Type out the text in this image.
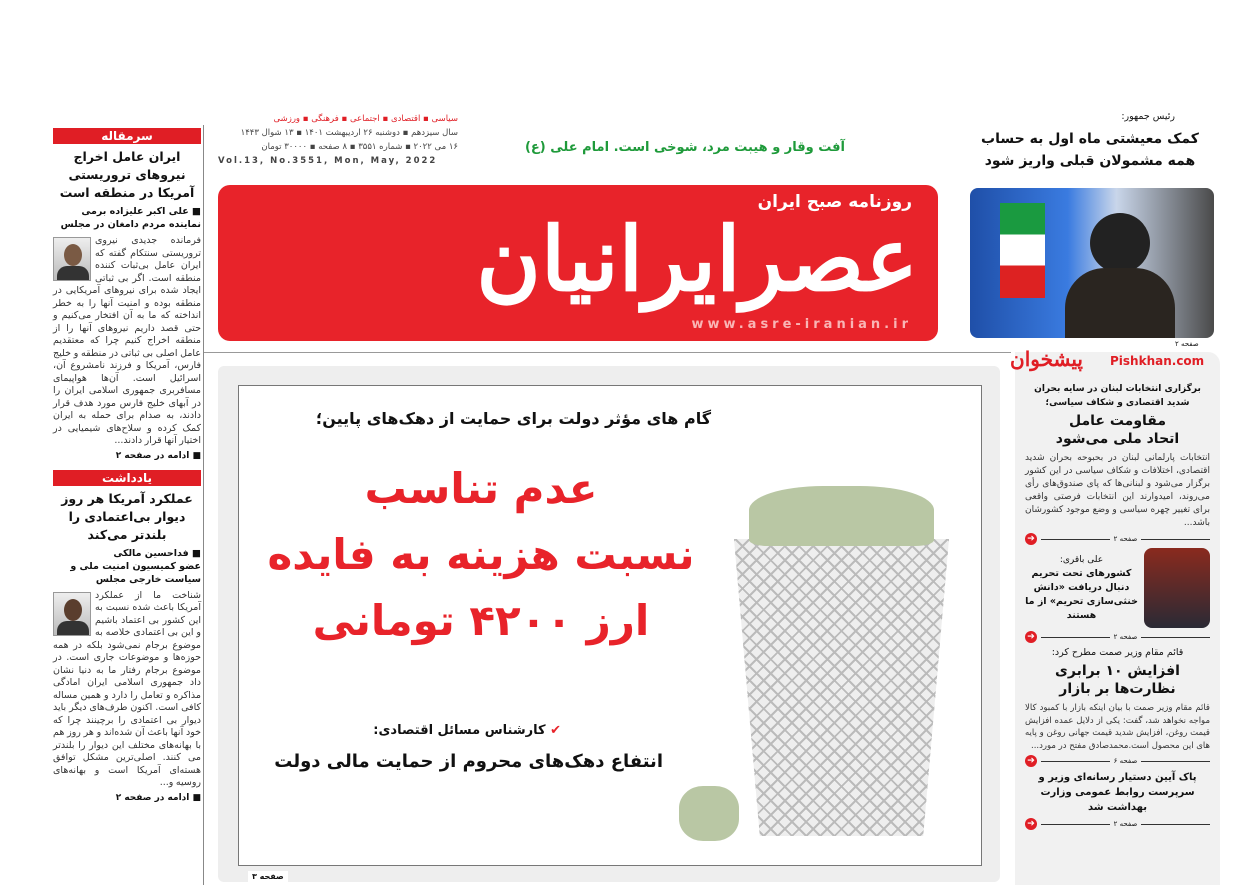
سرمقاله
ایران عامل اخراج نیروهای تروریستی آمریکا در منطقه است
■ علی اکبر علیزاده برمی
نماینده مردم دامغان در مجلس
فرمانده جدیدی نیروی تروریستی سنتکام گفته که ایران عامل بی‌ثبات کننده منطقه است. اگر بی ثباتی ایجاد شده برای نیروهای آمریکایی در منطقه بوده و امنیت آنها را به خطر انداخته که ما به آن افتخار می‌کنیم و حتی قصد داریم نیروهای آنها را از منطقه اخراج کنیم چرا که معتقدیم عامل اصلی بی ثباتی در منطقه و خلیج فارس، آمریکا و فرزند نامشروع آن، اسرائیل است. آن‌ها هواپیمای مسافربری جمهوری اسلامی ایران را در آبهای خلیج فارس مورد هدف قرار دادند، به صدام برای حمله به ایران کمک کرده و سلاح‌های شیمیایی در اختیار آنها قرار دادند...
■ ادامه در صفحه ۲
یادداشت
عملکرد آمریکا هر روز دیوار بی‌اعتمادی را بلندتر می‌کند
■ فداحسین مالکی
عضو کمیسیون امنیت ملی و سیاست خارجی مجلس
شناخت ما از عملکرد آمریکا باعث شده نسبت به این کشور بی اعتماد باشیم و این بی اعتمادی خلاصه به موضوع برجام نمی‌شود بلکه در همه حوزه‌ها و موضوعات جاری است. در موضوع برجام رفتار ما به دنیا نشان داد جمهوری اسلامی ایران امادگی مذاکره و تعامل را دارد و همین مساله کافی است. اکنون طرف‌های دیگر باید دیوار بی اعتمادی را برچینند چرا که خود آنها باعث آن شده‌اند و هر روز هم با بهانه‌های مختلف این دیوار را بلندتر می کنند. اصلی‌ترین مشکل توافق هسته‌ای آمریکا است و بهانه‌های روسیه و...
■ ادامه در صفحه ۲
سیاسی ▪ اقتصادی ▪ اجتماعی ▪ فرهنگی ▪ ورزشی
سال سیزدهم ▪ دوشنبه ۲۶ اردیبهشت ۱۴۰۱ ▪ ۱۳ شوال ۱۴۴۳
۱۶ می ۲۰۲۲ ▪ شماره ۳۵۵۱ ▪ ۸ صفحه ▪ ۳۰۰۰۰ تومان
Vol.13, No.3551, Mon, May, 2022
آفت وقار و هیبت مرد، شوخی است. امام علی (ع)
روزنامه صبح ایران
عصرایرانیان
www.asre-iranian.ir
رئیس جمهور:
کمک معیشتی ماه اول به حساب همه مشمولان قبلی واریز شود
صفحه ۲
گام های مؤثر دولت برای حمایت از دهک‌های پایین؛
عدم تناسب
نسبت هزینه به فایده
ارز ۴۲۰۰ تومانی
✔ کارشناس مسائل اقتصادی:
انتفاع دهک‌های محروم از حمایت مالی دولت
صفحه ۳
برگزاری انتخابات لبنان در سایه بحران شدید اقتصادی و شکاف سیاسی؛
مقاومت عامل اتحاد ملی می‌شود
انتخابات پارلمانی لبنان در بحبوحه بحران شدید اقتصادی، اختلافات و شکاف سیاسی در این کشور برگزار می‌شود و لبنانی‌ها که پای صندوق‌های رأی می‌روند، امیدوارند این انتخابات فرصتی واقعی برای تغییر چهره سیاسی و وضع موجود کشورشان باشد...
➔	صفحه ۲
علی باقری:
کشورهای تحت تحریم دنبال دریافت «دانش خنثی‌سازی تحریم» از ما هستند
➔	صفحه ۲
قائم مقام وزیر صمت مطرح کرد:
افزایش ۱۰ برابری نظارت‌ها بر بازار
قائم مقام وزیر صمت با بیان اینکه بازار با کمبود کالا مواجه نخواهد شد، گفت: یکی از دلایل عمده افزایش قیمت روغن، افزایش شدید قیمت جهانی روغن و پایه های این محصول است.محمدصادق مفتح در مورد...
➔	صفحه ۶
پاک آیین دستیار رسانه‌ای وزیر و سرپرست روابط عمومی وزارت بهداشت شد
➔	صفحه ۲
پیشخوان Pishkhan.com
